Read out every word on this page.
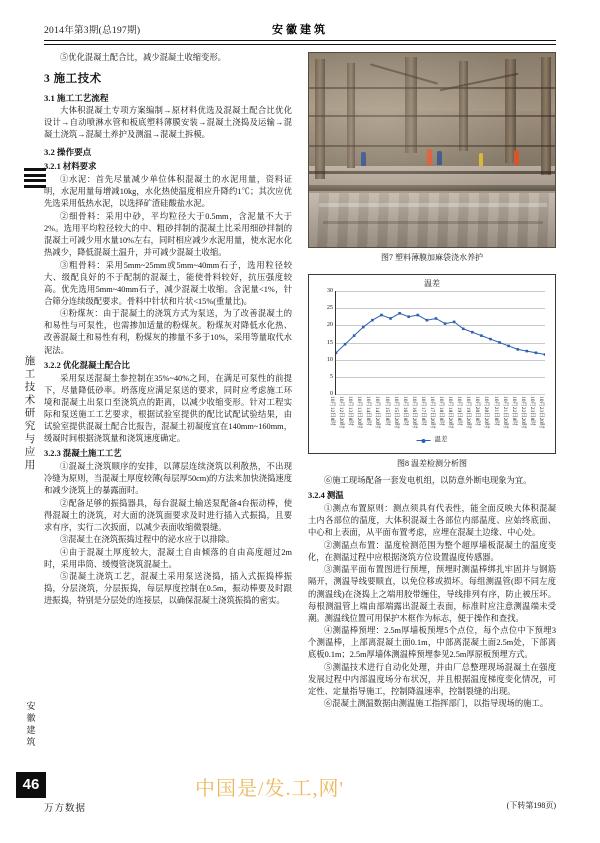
2014年第3期(总197期)	安徽建筑
施工技术研究与应用
安徽建筑
46

⑤优化混凝土配合比，减少混凝土收缩变形。

3 施工技术
3.1 施工工艺流程

大体积混凝土专项方案编制→原材料优选及混凝土配合比优化设计→自动喷淋水管和板底塑料薄膜安装→混凝土浇捣及运输→混凝土浇筑→混凝土养护及测温→混凝土拆模。

3.2 操作要点
3.2.1 材料要求

①水泥：首先尽量减少单位体积混凝土的水泥用量，资料证明，水泥用量每增减10kg，水化热使温度相应升降约1℃；其次应优先选采用低热水泥，以选择矿渣硅酸盐水泥。

②细骨料：采用中砂，平均粒径大于0.5mm，含泥量不大于2%。选用平均粒径较大的中、粗砂拌制的混凝土比采用细砂拌制的混凝土可减少用水量10%左右，同时相应减少水泥用量，使水泥水化热减少，降低混凝土温升，并可减少混凝土收缩。

③粗骨料：采用5mm~25mm或5mm~40mm石子，选用粒径较大、级配良好的不于配制的混凝土，能使骨料较好，抗压强度较高。优先选用5mm~40mm石子，减少混凝土收缩。含泥量<1%，针合筛分连续级配要求。骨料中针状和片状<15%(重量比)。

④粉煤灰：由于混凝土的浇筑方式为泵送，为了改善混凝土的和易性与可泵性，也需掺加适量的粉煤灰。粉煤灰对降低水化热、改善混凝土和易性有利，粉煤灰的掺量不多于10%，采用等量取代水泥法。

3.2.2 优化混凝土配合比

采用泵送混凝土参控制在35%~40%之间，在满足可泵性的前提下，尽量降低砂率。坍落度应满足泵送的要求，同时应考虑施工环境和混凝土出泵口至浇筑点的距离，以减少收缩变形。针对工程实际和泵送施工工艺要求，根据试验室提供的配比试配试验结果，由试验室提供混凝土配合比报告，混凝土初凝度宜在140mm~160mm，缓凝时间根据浇筑量和浇筑速度确定。

3.2.3 混凝土施工工艺

①混凝土浇筑顺序的安排，以薄层连续浇筑以利散热，不出现冷缝为原则，当混凝土厚度较薄(每层厚50cm)的方法来加快浇捣速度和减少浇筑上的暴露面时。

②配备足够的振捣器具，每台混凝土输送泵配备4台振动棒，使得混凝土的浇筑，对大面的浇筑面要求及时进行插入式振捣，且要求有序，实行二次扳面，以减少表面收缩微裂缝。

③混凝土在浇筑振捣过程中的泌水应于以排除。

④由于混凝土厚度较大，混凝土自由倾落的自由高度超过2m时，采用串筒、缓慢管浇筑混凝土。

⑤混凝土浇筑工艺，混凝土采用泵送浇捣，插入式振捣棒振捣，分层浇筑，分层振捣，每层厚度控制在0.5m，振动棒要及时跟进振捣，特别是分层处的连接层，以确保混凝土浇筑振捣的密实。

图7 塑料薄膜加麻袋浇水养护
温差
0
5
10
15
20
25
30
10月12日8时 10月12日20时 10月13日8时 10月13日20时 10月14日8时 10月14日20时 10月15日8时 10月15日20时 10月16日8时 10月16日20时 10月17日8时 10月17日20时 10月18日8时 10月18日20时 10月19日8时 10月19日20时 10月20日8时 10月20日20时 10月21日8时 10月21日20时 10月22日8时 10月22日20时 10月23日8时 10月23日20时
温差
图8 温差检测分析图

⑥施工现场配备一套发电机组，以防意外断电现象为宜。

3.2.4 测温

①测点布置原则：测点须具有代表性，能全面反映大体积混凝土内各部位的温度，大体积混凝土各部位内部温度、应始终底面、中心和上表面，从平面布置考虑，应埋在混凝土边缘、中心处。

②测温点布置：温度检测范围为整个超厚墙板混凝土的温度变化，在测温过程中应根据浇筑方位设置温度传感器。

③测温平面布置图进行预埋，预埋时测温棒绑扎牢固并与钢筋隔开，测温导线要顺直，以免位移或损坏。每组测温管(即不同左度的测温线)在浇捣上之端用胶带缠住，导线排列有序，防止被压坏。每根测温管上端由部端露出混凝土表面，标准时应注意测温端未受潮。测温线位置可用保护木框作为标志，便于操作和查找。

④测温棒预埋：2.5m厚墙板预埋5个点位，每个点位中下预埋3个测温棒，上部离混凝土面0.1m，中部离混凝土面2.5m处，下部离底板0.1m；2.5m厚墙体测温棒预埋参见2.5m厚原板预埋方式。

⑤测温技术进行自动化处理，并由厂总整理现场混凝土在强度发展过程中内部温度场分布状况，并且根据温度梯度变化情况，可定性、定量指导施工，控制降温速率，控制裂缝的出现。

⑥混凝土测温数据由测温施工指挥部门，以指导现场的施工。

中国是/发.工,网'
万方数据	(下转第198页)
